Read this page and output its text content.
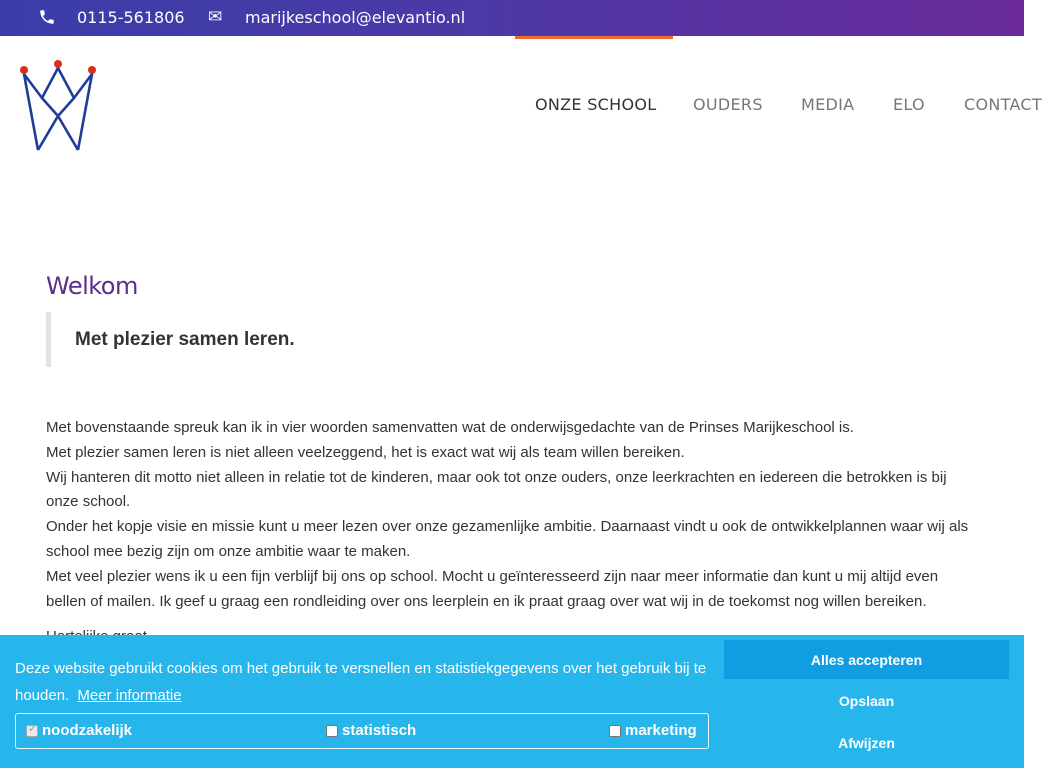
0115-561806 ✉ marijkeschool@elevantio.nl
ONZE SCHOOL OUDERS MEDIA ELO CONTACT
Welkom
Met plezier samen leren.

Met bovenstaande spreuk kan ik in vier woorden samenvatten wat de onderwijsgedachte van de Prinses Marijkeschool is.

Met plezier samen leren is niet alleen veelzeggend, het is exact wat wij als team willen bereiken.

Wij hanteren dit motto niet alleen in relatie tot de kinderen, maar ook tot onze ouders, onze leerkrachten en iedereen die betrokken is bij onze school.

Onder het kopje visie en missie kunt u meer lezen over onze gezamenlijke ambitie. Daarnaast vindt u ook de ontwikkelplannen waar wij als school mee bezig zijn om onze ambitie waar te maken.

Met veel plezier wens ik u een fijn verblijf bij ons op school. Mocht u geïnteresseerd zijn naar meer informatie dan kunt u mij altijd even bellen of mailen. Ik geef u graag een rondleiding over ons leerplein en ik praat graag over wat wij in de toekomst nog willen bereiken.

Deze website gebruikt cookies om het gebruik te versnellen en statistiekgegevens over het gebruik bij te houden. Meer informatie
✓
noodzakelijk	statistisch	marketing
Alles accepteren
Opslaan
Afwijzen
